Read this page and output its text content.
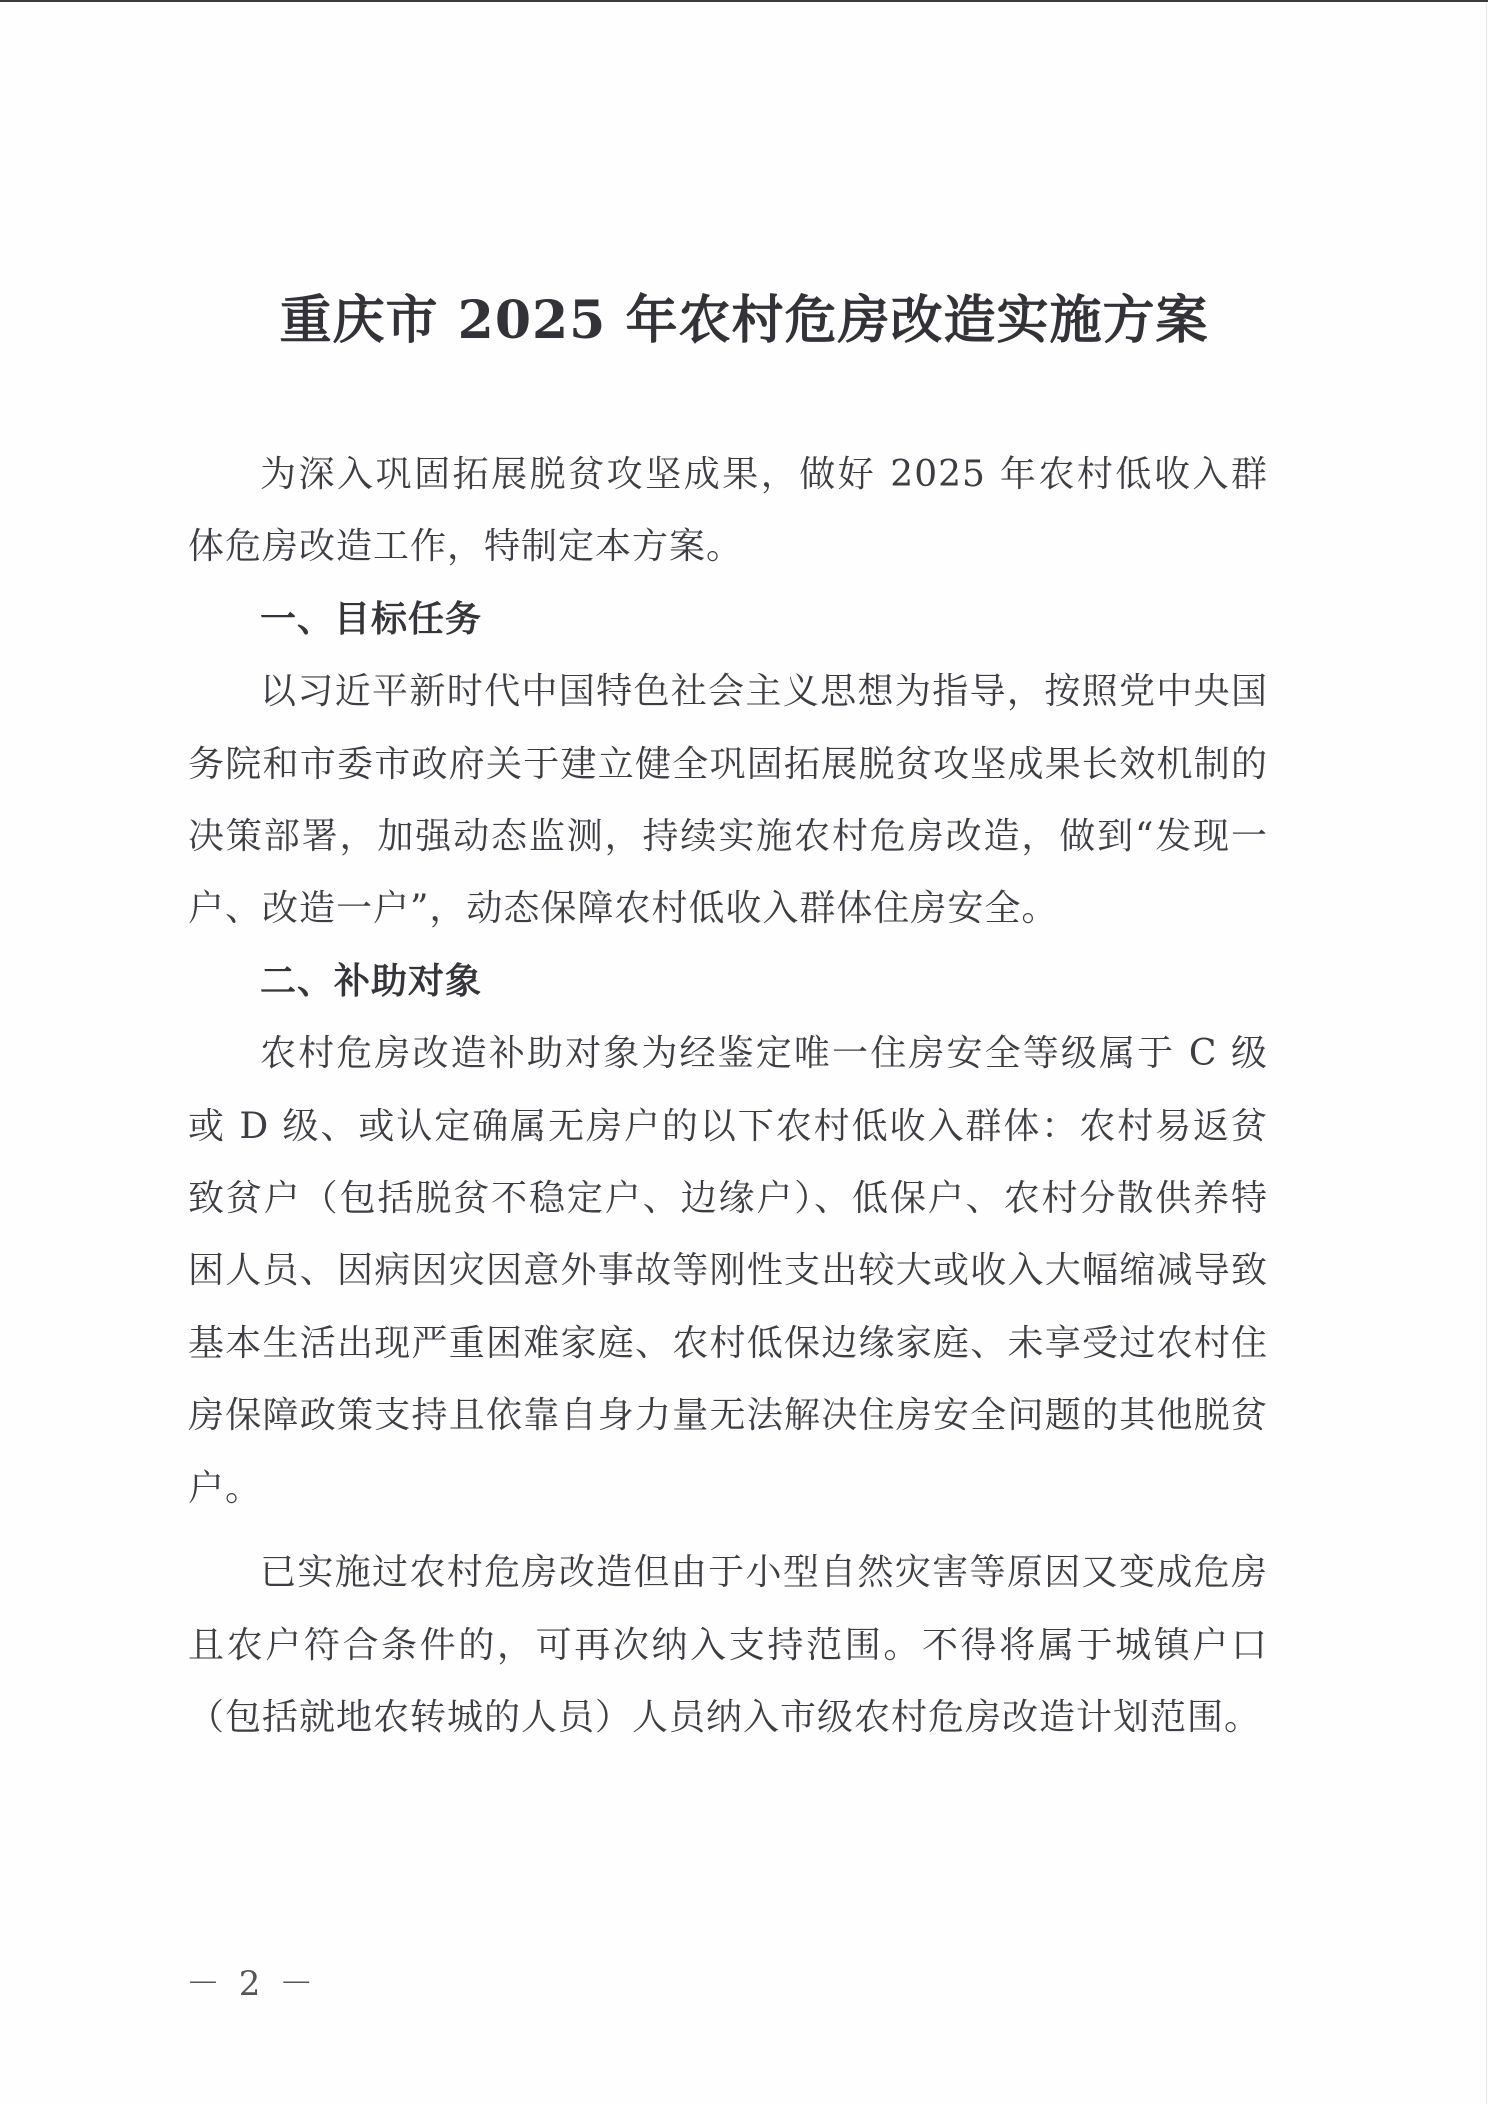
重庆市 2025 年农村危房改造实施方案

为深入巩固拓展脱贫攻坚成果，做好 2025 年农村低收入群体危房改造工作，特制定本方案。

一、目标任务

以习近平新时代中国特色社会主义思想为指导，按照党中央国务院和市委市政府关于建立健全巩固拓展脱贫攻坚成果长效机制的决策部署，加强动态监测，持续实施农村危房改造，做到“发现一户、改造一户”，动态保障农村低收入群体住房安全。

二、补助对象

农村危房改造补助对象为经鉴定唯一住房安全等级属于 C 级或 D 级、或认定确属无房户的以下农村低收入群体：农村易返贫致贫户（包括脱贫不稳定户、边缘户）、低保户、农村分散供养特困人员、因病因灾因意外事故等刚性支出较大或收入大幅缩减导致基本生活出现严重困难家庭、农村低保边缘家庭、未享受过农村住房保障政策支持且依靠自身力量无法解决住房安全问题的其他脱贫户。

已实施过农村危房改造但由于小型自然灾害等原因又变成危房且农户符合条件的，可再次纳入支持范围。不得将属于城镇户口（包括就地农转城的人员）人员纳入市级农村危房改造计划范围。

－ 2 －
